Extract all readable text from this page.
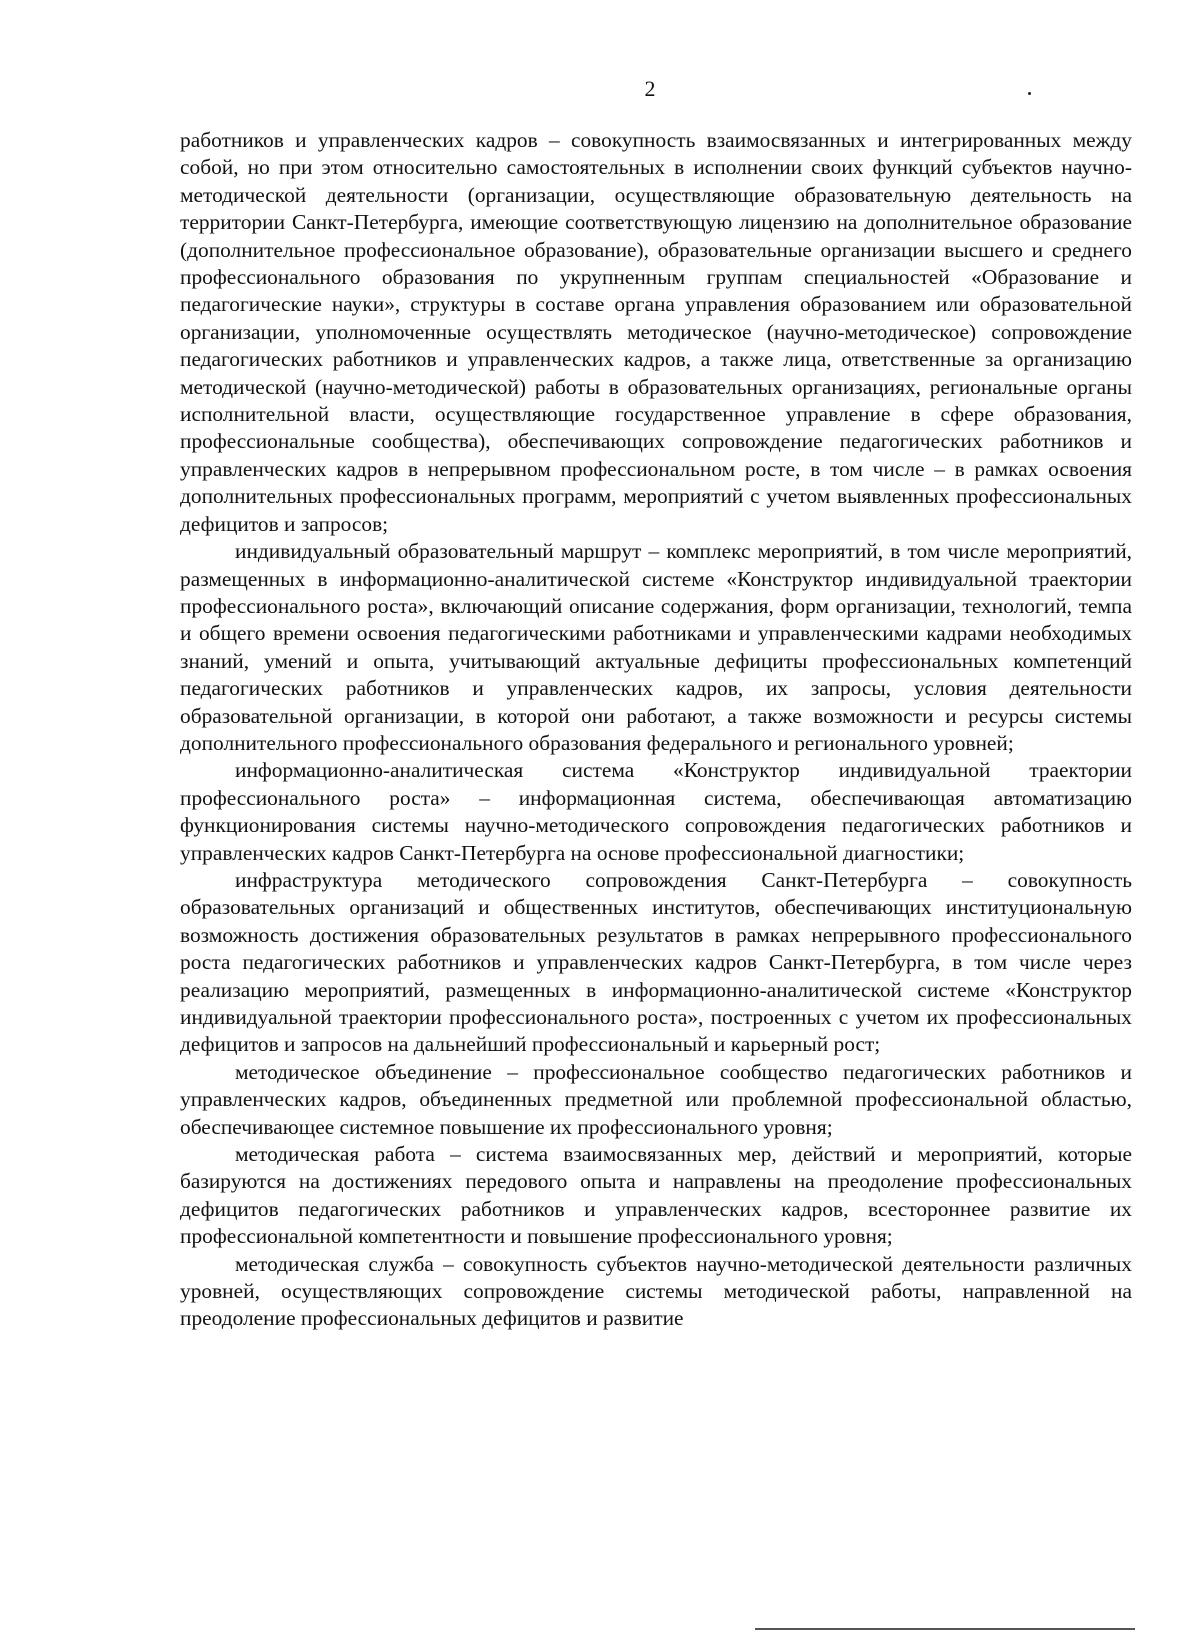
2

работников и управленческих кадров – совокупность взаимосвязанных и интегрированных между собой, но при этом относительно самостоятельных в исполнении своих функций субъектов научно-методической деятельности (организации, осуществляющие образовательную деятельность на территории Санкт-Петербурга, имеющие соответствующую лицензию на дополнительное образование (дополнительное профессиональное образование), образовательные организации высшего и среднего профессионального образования по укрупненным группам специальностей «Образование и педагогические науки», структуры в составе органа управления образованием или образовательной организации, уполномоченные осуществлять методическое (научно-методическое) сопровождение педагогических работников и управленческих кадров, а также лица, ответственные за организацию методической (научно-методической) работы в образовательных организациях, региональные органы исполнительной власти, осуществляющие государственное управление в сфере образования, профессиональные сообщества), обеспечивающих сопровождение педагогических работников и управленческих кадров в непрерывном профессиональном росте, в том числе – в рамках освоения дополнительных профессиональных программ, мероприятий с учетом выявленных профессиональных дефицитов и запросов;

индивидуальный образовательный маршрут – комплекс мероприятий, в том числе мероприятий, размещенных в информационно-аналитической системе «Конструктор индивидуальной траектории профессионального роста», включающий описание содержания, форм организации, технологий, темпа и общего времени освоения педагогическими работниками и управленческими кадрами необходимых знаний, умений и опыта, учитывающий актуальные дефициты профессиональных компетенций педагогических работников и управленческих кадров, их запросы, условия деятельности образовательной организации, в которой они работают, а также возможности и ресурсы системы дополнительного профессионального образования федерального и регионального уровней;

информационно-аналитическая система «Конструктор индивидуальной траектории профессионального роста» – информационная система, обеспечивающая автоматизацию функционирования системы научно-методического сопровождения педагогических работников и управленческих кадров Санкт-Петербурга на основе профессиональной диагностики;

инфраструктура методического сопровождения Санкт-Петербурга – совокупность образовательных организаций и общественных институтов, обеспечивающих институциональную возможность достижения образовательных результатов в рамках непрерывного профессионального роста педагогических работников и управленческих кадров Санкт-Петербурга, в том числе через реализацию мероприятий, размещенных в информационно-аналитической системе «Конструктор индивидуальной траектории профессионального роста», построенных с учетом их профессиональных дефицитов и запросов на дальнейший профессиональный и карьерный рост;

методическое объединение – профессиональное сообщество педагогических работников и управленческих кадров, объединенных предметной или проблемной профессиональной областью, обеспечивающее системное повышение их профессионального уровня;

методическая работа – система взаимосвязанных мер, действий и мероприятий, которые базируются на достижениях передового опыта и направлены на преодоление профессиональных дефицитов педагогических работников и управленческих кадров, всестороннее развитие их профессиональной компетентности и повышение профессионального уровня;

методическая служба – совокупность субъектов научно-методической деятельности различных уровней, осуществляющих сопровождение системы методической работы, направленной на преодоление профессиональных дефицитов и развитие
